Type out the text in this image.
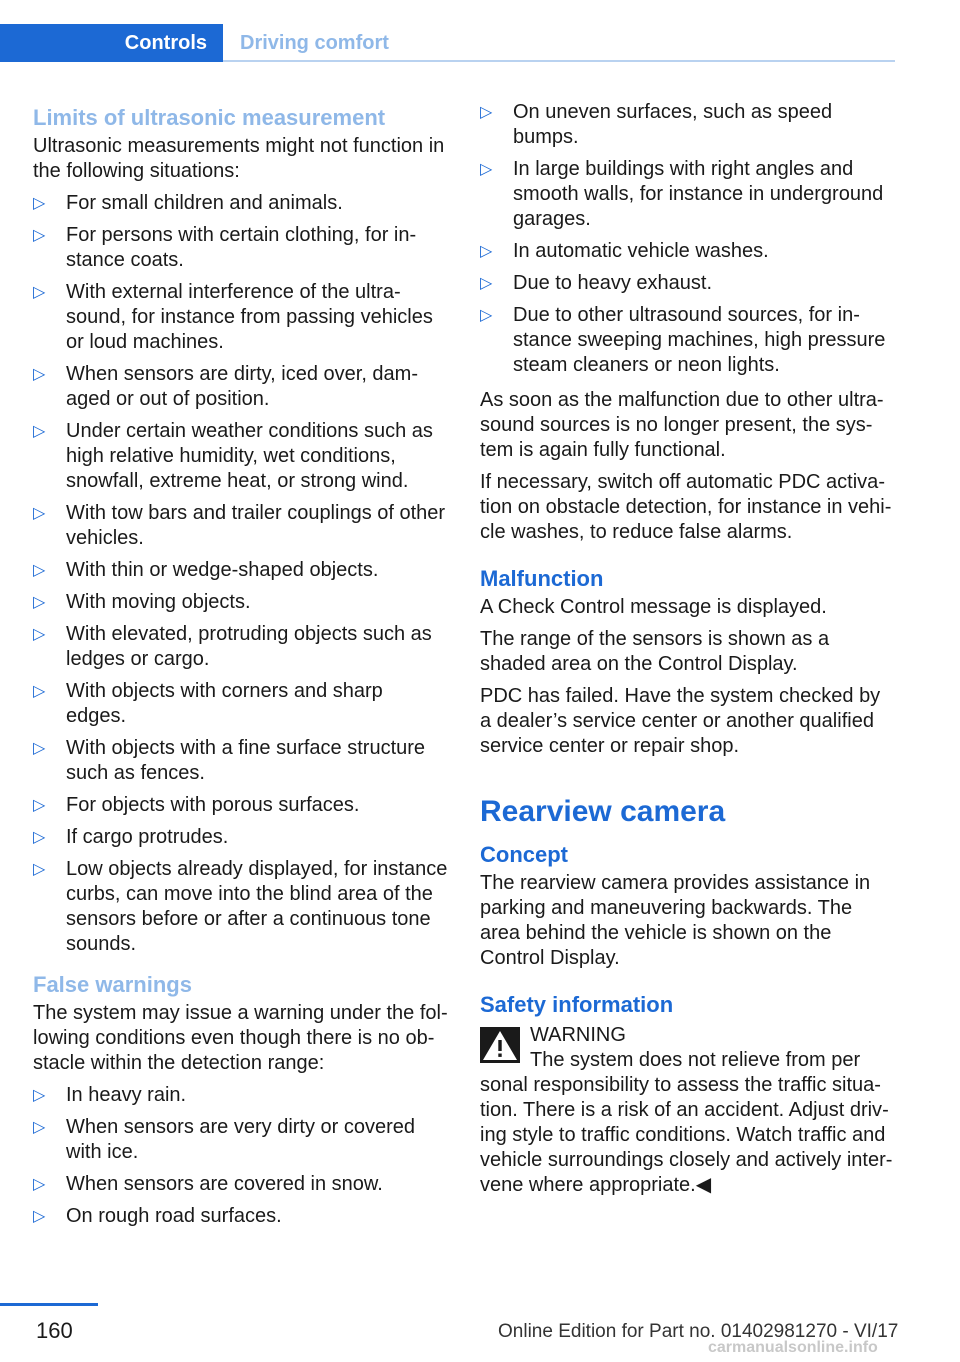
Controls	Driving comfort
Limits of ultrasonic measurement

Ultrasonic measurements might not function in the following situations:

▷ For small children and animals.
▷ For persons with certain clothing, for instance coats.
▷ With external interference of the ultrasound, for instance from passing vehicles or loud machines.
▷ When sensors are dirty, iced over, damaged or out of position.
▷ Under certain weather conditions such as high relative humidity, wet conditions, snowfall, extreme heat, or strong wind.
▷ With tow bars and trailer couplings of other vehicles.
▷ With thin or wedge-shaped objects.
▷ With moving objects.
▷ With elevated, protruding objects such as ledges or cargo.
▷ With objects with corners and sharp edges.
▷ With objects with a fine surface structure such as fences.
▷ For objects with porous surfaces.
▷ If cargo protrudes.
▷ Low objects already displayed, for instance curbs, can move into the blind area of the sensors before or after a continuous tone sounds.
False warnings

The system may issue a warning under the following conditions even though there is no obstacle within the detection range:

▷ In heavy rain.
▷ When sensors are very dirty or covered with ice.
▷ When sensors are covered in snow.
▷ On rough road surfaces.
▷ On uneven surfaces, such as speed bumps.
▷ In large buildings with right angles and smooth walls, for instance in underground garages.
▷ In automatic vehicle washes.
▷ Due to heavy exhaust.
▷ Due to other ultrasound sources, for instance sweeping machines, high pressure steam cleaners or neon lights.

As soon as the malfunction due to other ultrasound sources is no longer present, the system is again fully functional.

If necessary, switch off automatic PDC activation on obstacle detection, for instance in vehicle washes, to reduce false alarms.

Malfunction

A Check Control message is displayed.

The range of the sensors is shown as a shaded area on the Control Display.

PDC has failed. Have the system checked by a dealer’s service center or another qualified service center or repair shop.

Rearview camera
Concept

The rearview camera provides assistance in parking and maneuvering backwards. The area behind the vehicle is shown on the Control Display.

Safety information
WARNING
The system does not relieve from per
sonal responsibility to assess the traffic situation. There is a risk of an accident. Adjust driving style to traffic conditions. Watch traffic and vehicle surroundings closely and actively intervene where appropriate.◀
160	Online Edition for Part no. 01402981270 - VI/17
carmanualsonline.info
